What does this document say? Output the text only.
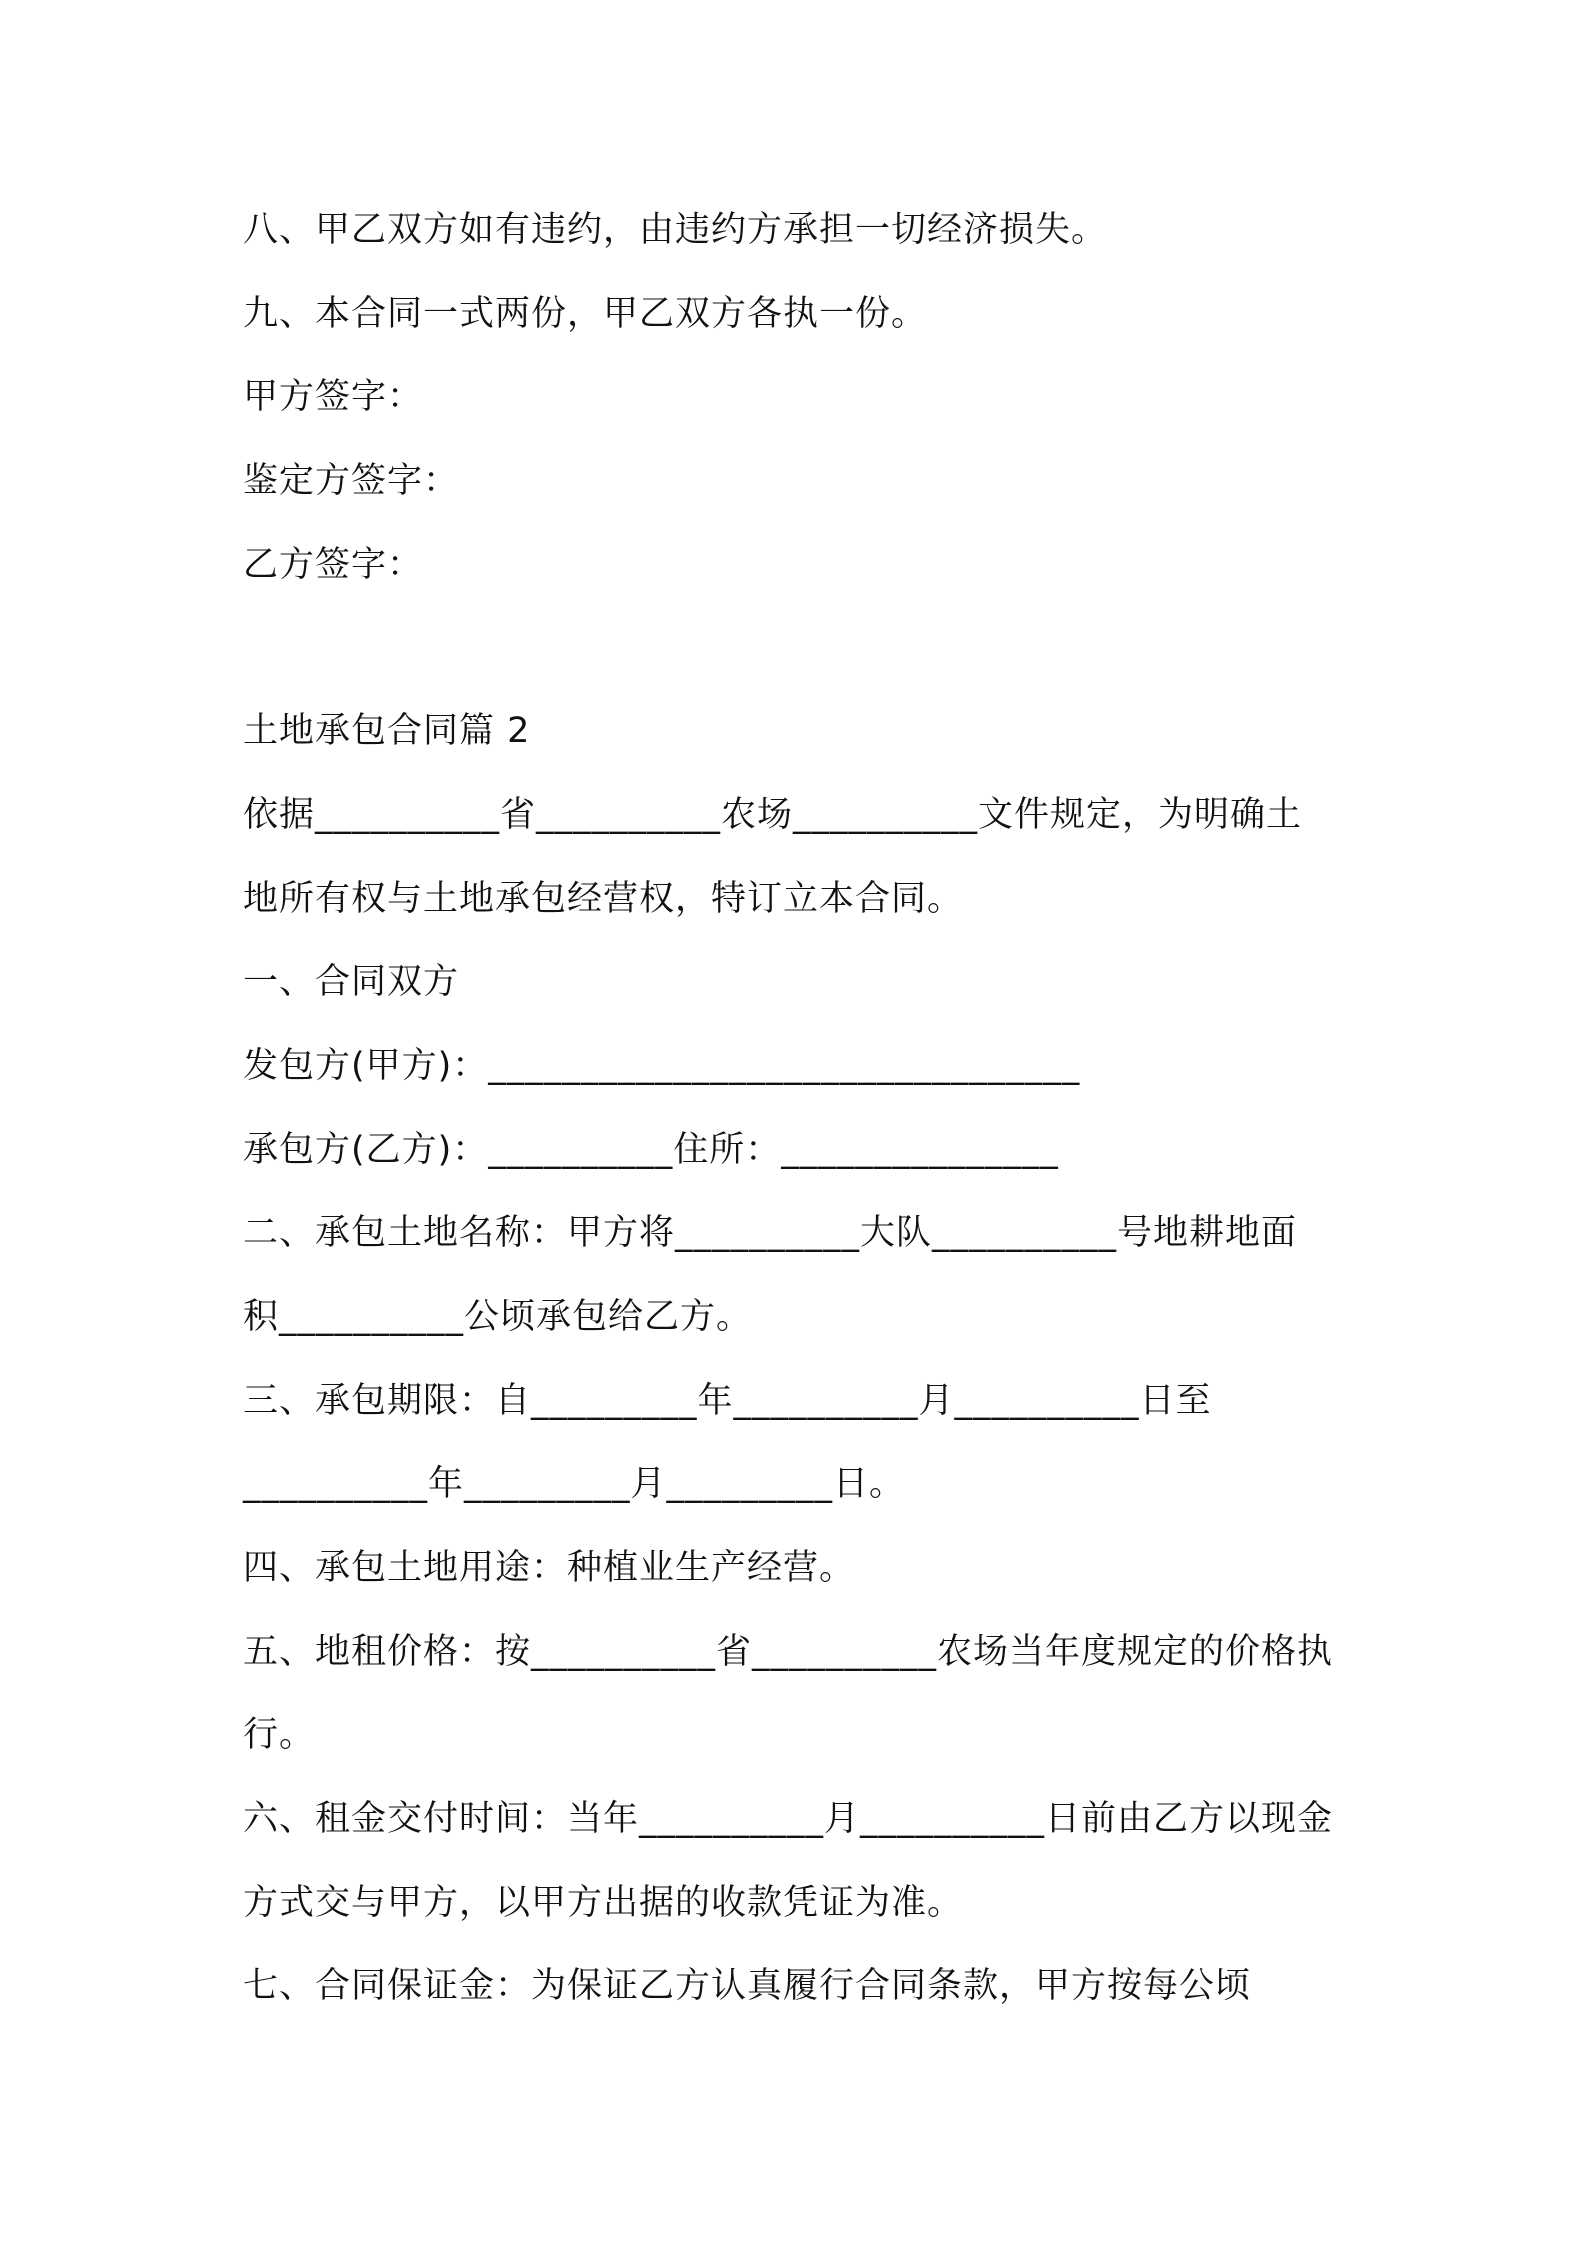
八、甲乙双方如有违约，由违约方承担一切经济损失。
九、本合同一式两份，甲乙双方各执一份。
甲方签字：
鉴定方签字：
乙方签字：
土地承包合同篇 2
依据__________省__________农场__________文件规定，为明确土
地所有权与土地承包经营权，特订立本合同。
一、合同双方
发包方(甲方)：________________________________
承包方(乙方)：__________住所：_______________
二、承包土地名称：甲方将__________大队__________号地耕地面
积__________公顷承包给乙方。
三、承包期限：自_________年__________月__________日至
__________年_________月_________日。
四、承包土地用途：种植业生产经营。
五、地租价格：按__________省__________农场当年度规定的价格执
行。
六、租金交付时间：当年__________月__________日前由乙方以现金
方式交与甲方，以甲方出据的收款凭证为准。
七、合同保证金：为保证乙方认真履行合同条款，甲方按每公顷
